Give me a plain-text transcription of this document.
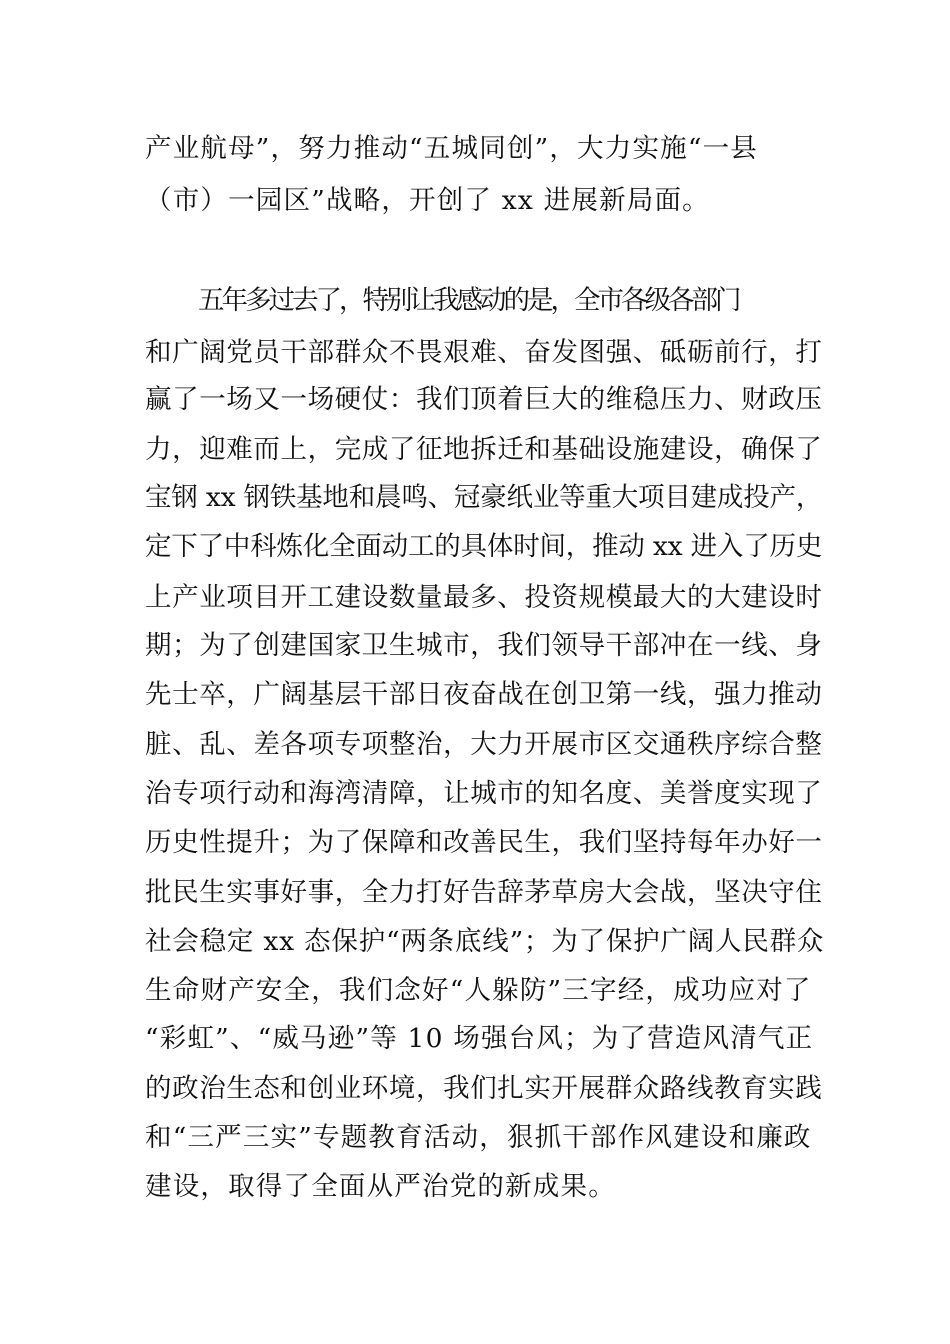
产业航母”，努力推动“五城同创”，大力实施“一县
（市）一园区”战略，开创了 xx 进展新局面。
五年多过去了，特别让我感动的是，全市各级各部门
和广阔党员干部群众不畏艰难、奋发图强、砥砺前行，打
赢了一场又一场硬仗：我们顶着巨大的维稳压力、财政压
力，迎难而上，完成了征地拆迁和基础设施建设，确保了
宝钢 xx 钢铁基地和晨鸣、冠豪纸业等重大项目建成投产，
定下了中科炼化全面动工的具体时间，推动 xx 进入了历史
上产业项目开工建设数量最多、投资规模最大的大建设时
期；为了创建国家卫生城市，我们领导干部冲在一线、身
先士卒，广阔基层干部日夜奋战在创卫第一线，强力推动
脏、乱、差各项专项整治，大力开展市区交通秩序综合整
治专项行动和海湾清障，让城市的知名度、美誉度实现了
历史性提升；为了保障和改善民生，我们坚持每年办好一
批民生实事好事，全力打好告辞茅草房大会战，坚决守住
社会稳定 xx 态保护“两条底线”；为了保护广阔人民群众
生命财产安全，我们念好“人躲防”三字经，成功应对了
“彩虹”、“威马逊”等 10 场强台风；为了营造风清气正
的政治生态和创业环境，我们扎实开展群众路线教育实践
和“三严三实”专题教育活动，狠抓干部作风建设和廉政
建设，取得了全面从严治党的新成果。
